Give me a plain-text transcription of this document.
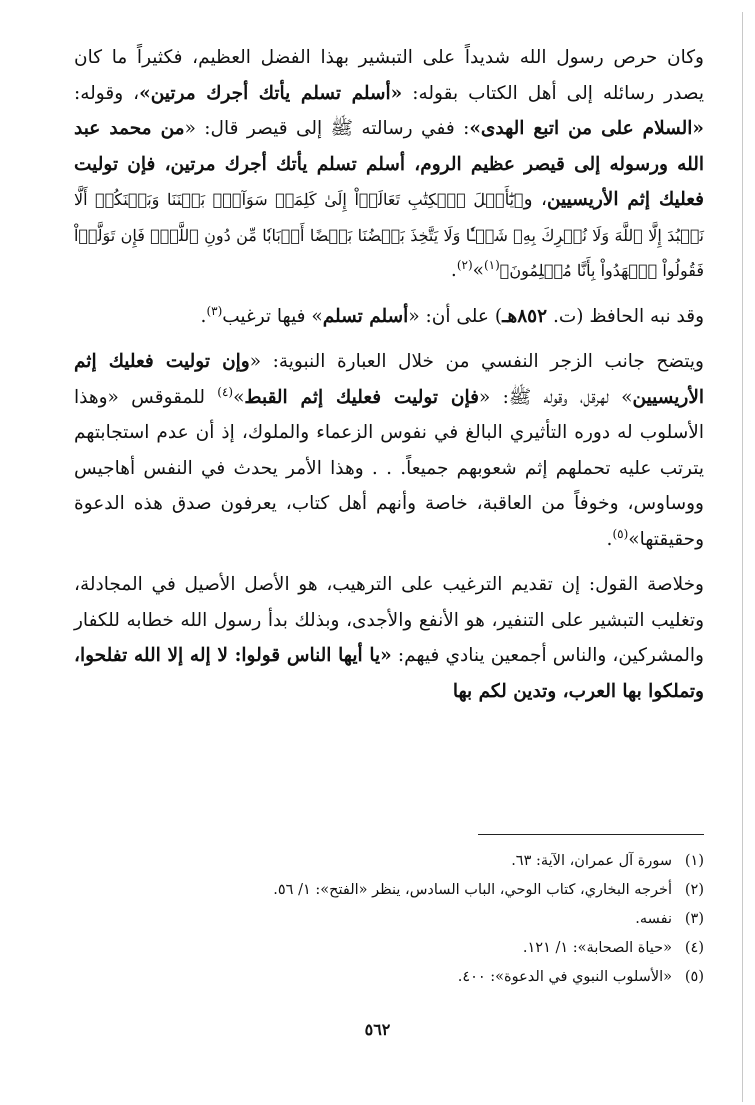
وكان حرص رسول الله شديداً على التبشير بهذا الفضل العظيم، فكثيراً ما كان يصدر رسائله إلى أهل الكتاب بقوله: «أسلم تسلم يأتك أجرك مرتين»، وقوله: «السلام على من اتبع الهدى»: ففي رسالته ﷺ إلى قيصر قال: «من محمد عبد الله ورسوله إلى قيصر عظيم الروم، أسلم تسلم يأتك أجرك مرتين، فإن توليت فعليك إثم الأريسيين، و﴿يَٰٓأَهۡلَ ٱلۡكِتَٰبِ تَعَالَوۡاْ إِلَىٰ كَلِمَةٖ سَوَآءِۭ بَيۡنَنَا وَبَيۡنَكُمۡ أَلَّا نَعۡبُدَ إِلَّا ٱللَّهَ وَلَا نُشۡرِكَ بِهِۦ شَيۡـٔٗا وَلَا يَتَّخِذَ بَعۡضُنَا بَعۡضًا أَرۡبَابٗا مِّن دُونِ ٱللَّهِۚ فَإِن تَوَلَّوۡاْ فَقُولُواْ ٱشۡهَدُواْ بِأَنَّا مُسۡلِمُونَ﴾$^{(١)}$»$^{(٢)}$.

وقد نبه الحافظ (ت. ٨٥٢هـ) على أن: «أسلم تسلم» فيها ترغيب$^{(٣)}$.

ويتضح جانب الزجر النفسي من خلال العبارة النبوية: «وإن توليت فعليك إثم الأريسيين» لهرقل، وقوله ﷺ: «فإن توليت فعليك إثم القبط»$^{(٤)}$ للمقوقس «وهذا الأسلوب له دوره التأثيري البالغ في نفوس الزعماء والملوك، إذ أن عدم استجابتهم يترتب عليه تحملهم إثم شعوبهم جميعاً. . . وهذا الأمر يحدث في النفس أهاجيس ووساوس، وخوفاً من العاقبة، خاصة وأنهم أهل كتاب، يعرفون صدق هذه الدعوة وحقيقتها»$^{(٥)}$.

وخلاصة القول: إن تقديم الترغيب على الترهيب، هو الأصل الأصيل في المجادلة، وتغليب التبشير على التنفير، هو الأنفع والأجدى، وبذلك بدأ رسول الله خطابه للكفار والمشركين، والناس أجمعين ينادي فيهم: «يا أيها الناس قولوا: لا إله إلا الله تفلحوا، وتملكوا بها العرب، وتدين لكم بها

(١)
سورة آل عمران، الآية: ٦٣.
(٢)
أخرجه البخاري، كتاب الوحي، الباب السادس، ينظر «الفتح»: ١/ ٥٦.
(٣)
نفسه.
(٤)
«حياة الصحابة»: ١/ ١٢١.
(٥)
«الأسلوب النبوي في الدعوة»: ٤٠٠.
٥٦٢
